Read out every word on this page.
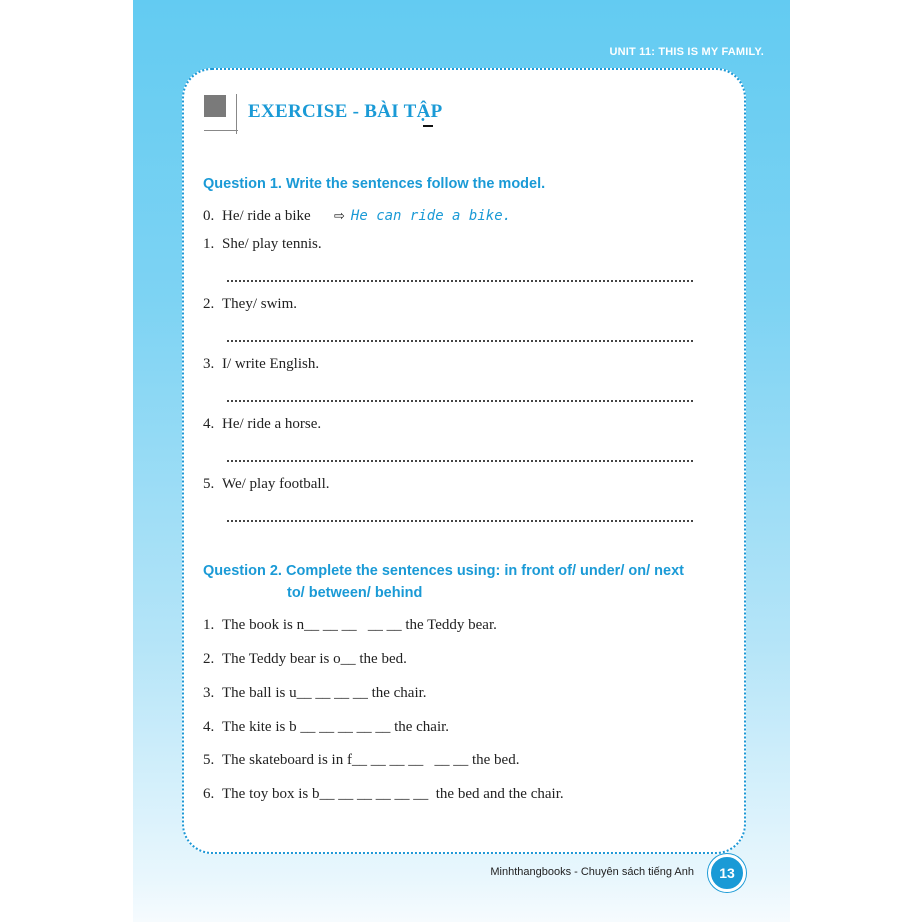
UNIT 11: THIS IS MY FAMILY.
EXERCISE - BÀI TẬP
Question 1. Write the sentences follow the model.
0. He/ ride a bike ⇨ He can ride a bike.
1. She/ play tennis.
2. They/ swim.
3. I/ write English.
4. He/ ride a horse.
5. We/ play football.
Question 2. Complete the sentences using: in front of/ under/ on/ next
to/ between/ behind
1. The book is n__ __ __   __ __ the Teddy bear.
2. The Teddy bear is o__ the bed.
3. The ball is u__ __ __ __ the chair.
4. The kite is b __ __ __ __ __ the chair.
5. The skateboard is in f__ __ __ __   __ __ the bed.
6. The toy box is b__ __ __ __ __ __  the bed and the chair.
Minhthangbooks - Chuyên sách tiếng Anh	13
